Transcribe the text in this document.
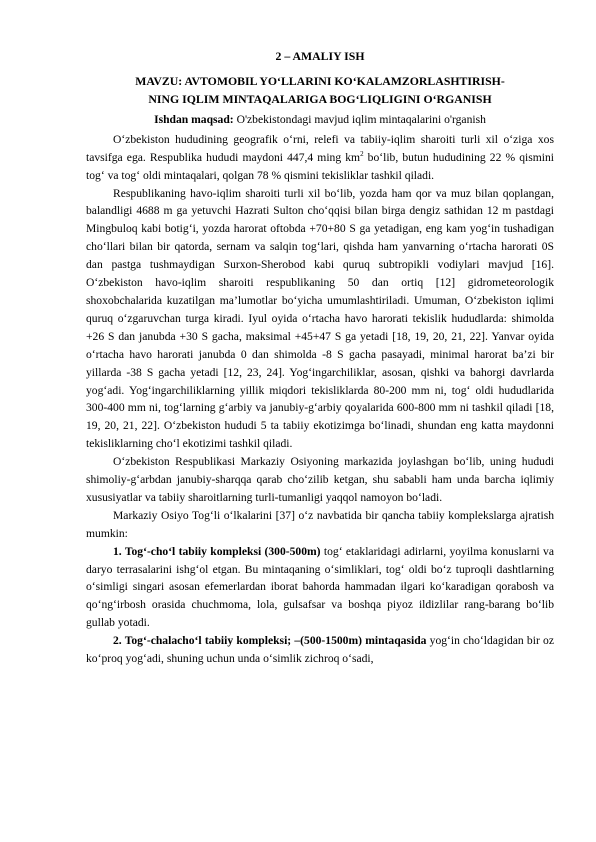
2 – AMALIY ISH
MAVZU: AVTOMOBIL YO‘LLARINI KO‘KALAMZORLASHTIRISH-
NING IQLIM MINTAQALARIGA BOG‘LIQLIGINI O‘RGANISH
Ishdan maqsad: O'zbekistondagi mavjud iqlim mintaqalarini o'rganish

O‘zbekiston hududining geografik o‘rni, relefi va tabiiy-iqlim sharoiti turli xil o‘ziga xos tavsifga ega. Respublika hududi maydoni 447,4 ming $km^2$ bo‘lib, butun hududining 22 % qismini tog‘ va tog‘ oldi mintaqalari, qolgan 78 % qismini tekisliklar tashkil qiladi.

Respublikaning havo-iqlim sharoiti turli xil bo‘lib, yozda ham qor va muz bilan qoplangan, balandligi 4688 m ga yetuvchi Hazrati Sulton cho‘qqisi bilan birga dengiz sathidan 12 m pastdagi Mingbuloq kabi botig‘i, yozda harorat oftobda +70+80 S ga yetadigan, eng kam yog‘in tushadigan cho‘llari bilan bir qatorda, sernam va salqin tog‘lari, qishda ham yanvarning o‘rtacha harorati 0S dan pastga tushmaydigan Surxon-Sherobod kabi quruq subtropikli vodiylari mavjud [16]. O‘zbekiston havo-iqlim sharoiti respublikaning 50 dan ortiq [12] gidrometeorologik shoxobchalarida kuzatilgan ma’lumotlar bo‘yicha umumlashtiriladi. Umuman, O‘zbekiston iqlimi quruq o‘zgaruvchan turga kiradi. Iyul oyida o‘rtacha havo harorati tekislik hududlarda: shimolda +26 S dan janubda +30 S gacha, maksimal +45+47 S ga yetadi [18, 19, 20, 21, 22]. Yanvar oyida o‘rtacha havo harorati janubda 0 dan shimolda -8 S gacha pasayadi, minimal harorat ba’zi bir yillarda -38 S gacha yetadi [12, 23, 24]. Yog‘ingarchiliklar, asosan, qishki va bahorgi davrlarda yog‘adi. Yog‘ingarchiliklarning yillik miqdori tekisliklarda 80-200 mm ni, tog‘ oldi hududlarida 300-400 mm ni, tog‘larning g‘arbiy va janubiy-g‘arbiy qoyalarida 600-800 mm ni tashkil qiladi [18, 19, 20, 21, 22]. O‘zbekiston hududi 5 ta tabiiy ekotizimga bo‘linadi, shundan eng katta maydonni tekisliklarning cho‘l ekotizimi tashkil qiladi.

O‘zbekiston Respublikasi Markaziy Osiyoning markazida joylashgan bo‘lib, uning hududi shimoliy-g‘arbdan janubiy-sharqqa qarab cho‘zilib ketgan, shu sababli ham unda barcha iqlimiy xususiyatlar va tabiiy sharoitlarning turli-tumanligi yaqqol namoyon bo‘ladi.

Markaziy Osiyo Tog‘li o‘lkalarini [37] o‘z navbatida bir qancha tabiiy komplekslarga ajratish mumkin:

1. Tog‘-cho‘l tabiiy kompleksi (300-500m) tog‘ etaklaridagi adirlarni, yoyilma konuslarni va daryo terrasalarini ishg‘ol etgan. Bu mintaqaning o‘simliklari, tog‘ oldi bo‘z tuproqli dashtlarning o‘simligi singari asosan efemerlardan iborat bahorda hammadan ilgari ko‘karadigan qorabosh va qo‘ng‘irbosh orasida chuchmoma, lola, gulsafsar va boshqa piyoz ildizlilar rang-barang bo‘lib gullab yotadi.

2. Tog‘-chalacho‘l tabiiy kompleksi; –(500-1500m) mintaqasida yog‘in cho‘ldagidan bir oz ko‘proq yog‘adi, shuning uchun unda o‘simlik zichroq o‘sadi,
